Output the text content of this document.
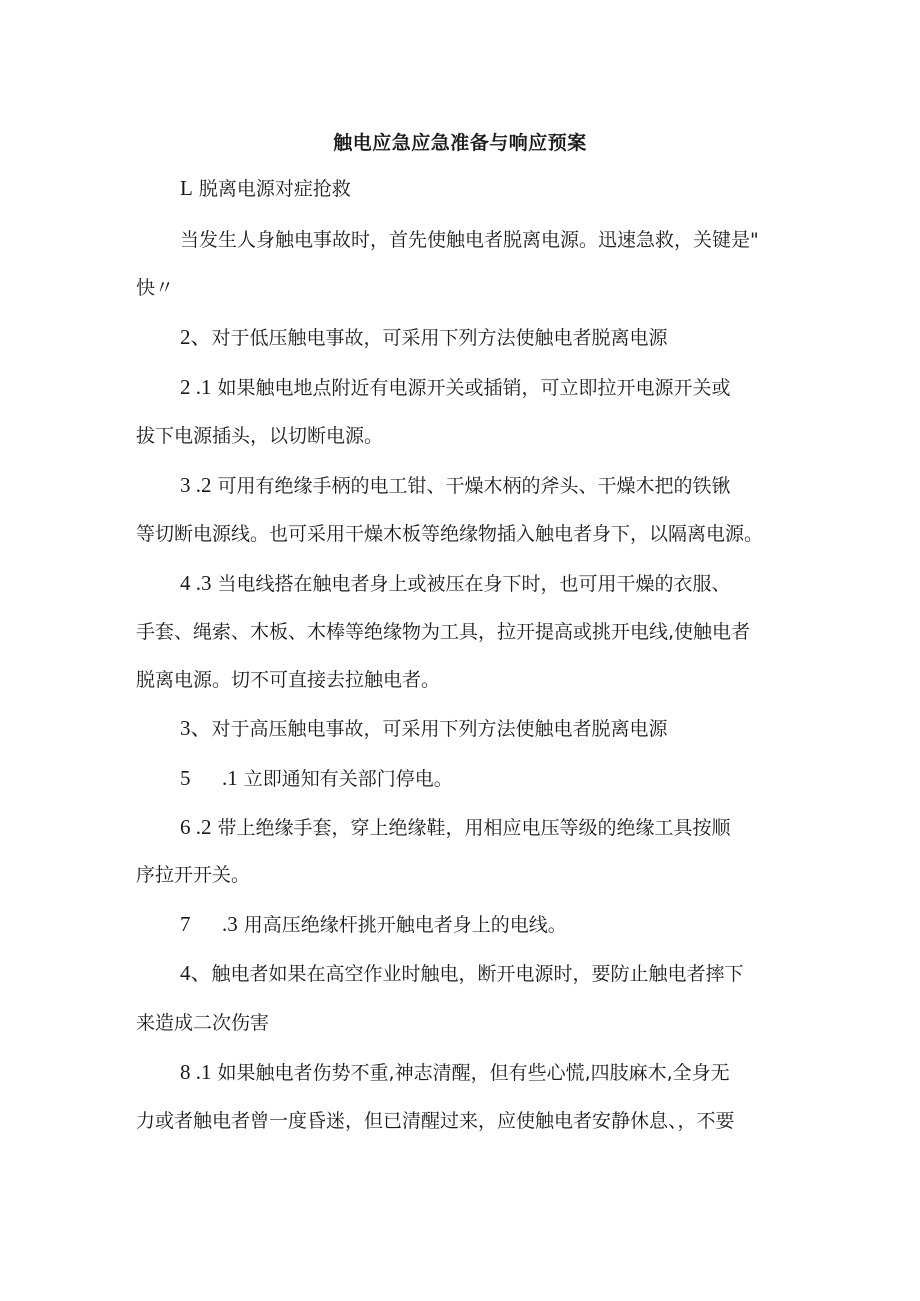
触电应急应急准备与响应预案
L 脱离电源对症抢救
当发生人身触电事故时，首先使触电者脱离电源。迅速急救，关键是"
快〃
2、对于低压触电事故，可采用下列方法使触电者脱离电源
2 .1 如果触电地点附近有电源开关或插销，可立即拉开电源开关或
拔下电源插头，以切断电源。
3 .2 可用有绝缘手柄的电工钳、干燥木柄的斧头、干燥木把的铁锹
等切断电源线。也可采用干燥木板等绝缘物插入触电者身下，以隔离电源。
4 .3 当电线搭在触电者身上或被压在身下时，也可用干燥的衣服、
手套、绳索、木板、木棒等绝缘物为工具，拉开提高或挑开电线,使触电者
脱离电源。切不可直接去拉触电者。
3、对于高压触电事故，可采用下列方法使触电者脱离电源
5      .1 立即通知有关部门停电。
6 .2 带上绝缘手套，穿上绝缘鞋，用相应电压等级的绝缘工具按顺
序拉开开关。
7      .3 用高压绝缘杆挑开触电者身上的电线。
4、触电者如果在高空作业时触电，断开电源时，要防止触电者摔下
来造成二次伤害
8 .1 如果触电者伤势不重,神志清醒，但有些心慌,四肢麻木,全身无
力或者触电者曾一度昏迷，但已清醒过来，应使触电者安静休息、，不要
